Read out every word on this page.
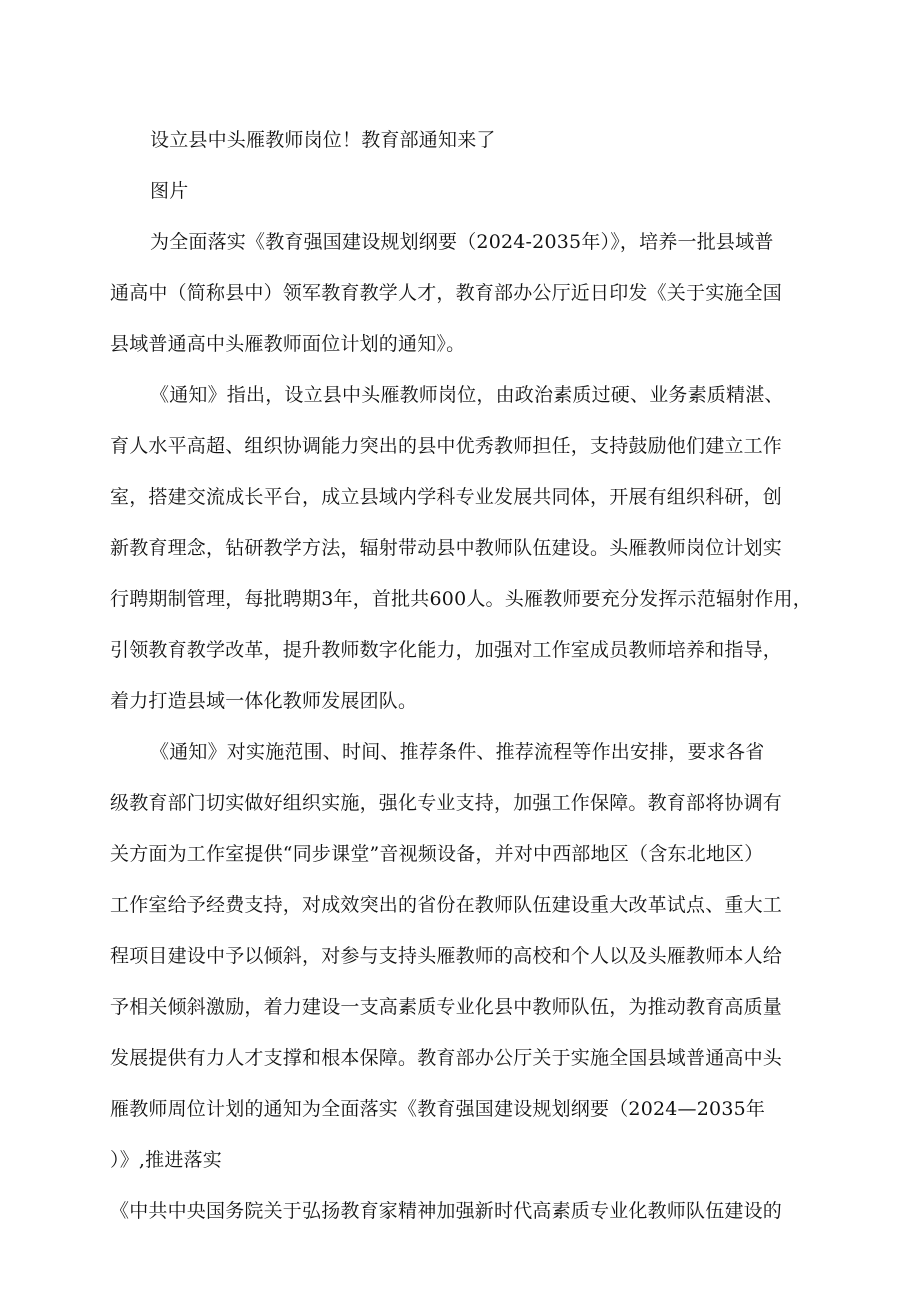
设立县中头雁教师岗位！教育部通知来了
图片
为全面落实《教育强国建设规划纲要（2024-2035年）》，培养一批县域普
通高中（简称县中）领军教育教学人才，教育部办公厅近日印发《关于实施全国
县域普通高中头雁教师面位计划的通知》。
《通知》指出，设立县中头雁教师岗位，由政治素质过硬、业务素质精湛、
育人水平高超、组织协调能力突出的县中优秀教师担任，支持鼓励他们建立工作
室，搭建交流成长平台，成立县域内学科专业发展共同体，开展有组织科研，创
新教育理念，钻研教学方法，辐射带动县中教师队伍建设。头雁教师岗位计划实
行聘期制管理，每批聘期3年，首批共600人。头雁教师要充分发挥示范辐射作用，
引领教育教学改革，提升教师数字化能力，加强对工作室成员教师培养和指导，
着力打造县域一体化教师发展团队。
《通知》对实施范围、时间、推荐条件、推荐流程等作出安排，要求各省
级教育部门切实做好组织实施，强化专业支持，加强工作保障。教育部将协调有
关方面为工作室提供“同步课堂”音视频设备，并对中西部地区（含东北地区）
工作室给予经费支持，对成效突出的省份在教师队伍建设重大改革试点、重大工
程项目建设中予以倾斜，对参与支持头雁教师的高校和个人以及头雁教师本人给
予相关倾斜激励，着力建设一支高素质专业化县中教师队伍，为推动教育高质量
发展提供有力人才支撑和根本保障。教育部办公厅关于实施全国县域普通高中头
雁教师周位计划的通知为全面落实《教育强国建设规划纲要（2024—2035年
）》,推进落实
《中共中央国务院关于弘扬教育家精神加强新时代高素质专业化教师队伍建设的
